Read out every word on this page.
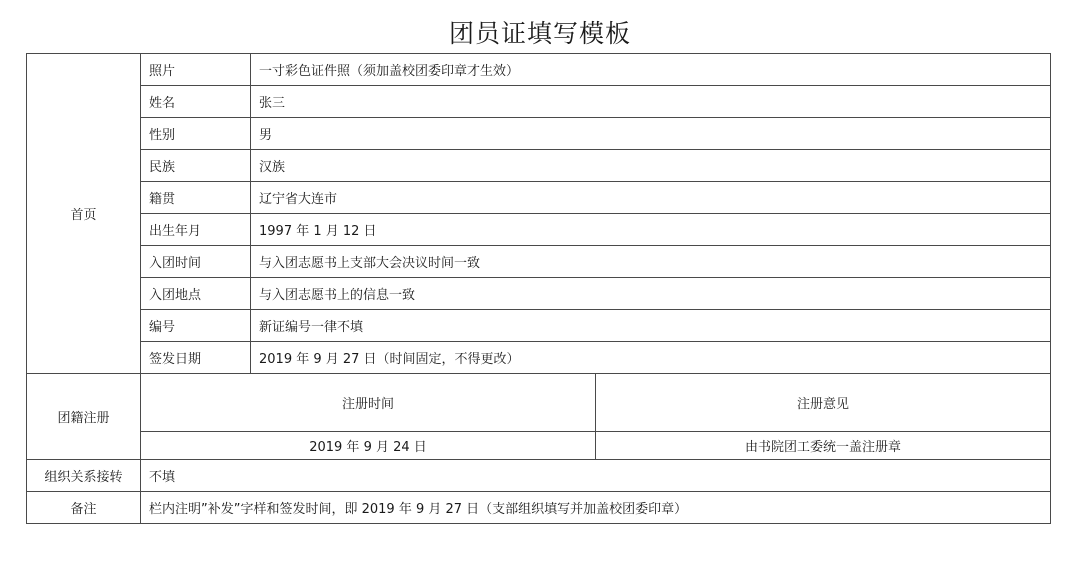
团员证填写模板
首页	照片	一寸彩色证件照（须加盖校团委印章才生效）	
	姓名	张三	
	性别	男	
	民族	汉族	
	籍贯	辽宁省大连市	
	出生年月	1997 年 1 月 12 日	
	入团时间	与入团志愿书上支部大会决议时间一致	
	入团地点	与入团志愿书上的信息一致	
	编号	新证编号一律不填	
	签发日期	2019 年 9 月 27 日（时间固定，不得更改）	
团籍注册	注册时间		注册意见
	2019 年 9 月 24 日		由书院团工委统一盖注册章
组织关系接转	不填		
备注	栏内注明”补发”字样和签发时间，即 2019 年 9 月 27 日（支部组织填写并加盖校团委印章）		
